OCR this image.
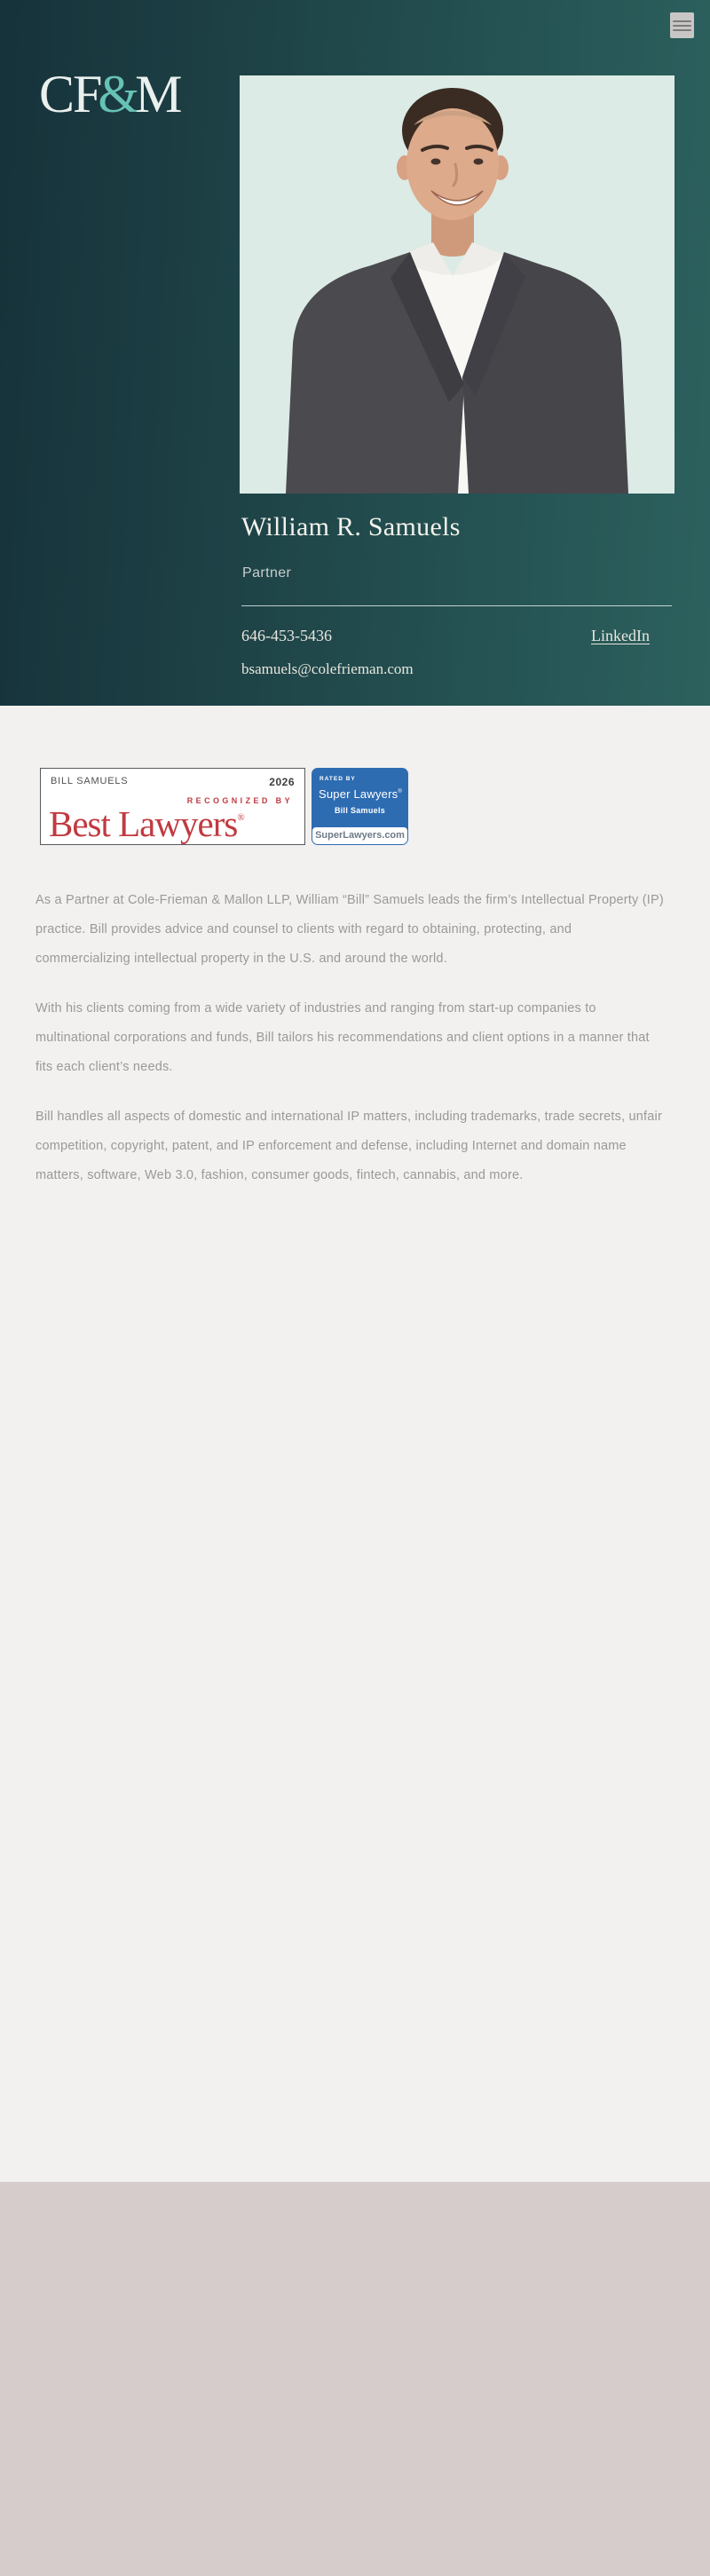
CF&M
William R. Samuels
Partner
646-453-5436	LinkedIn
bsamuels@colefrieman.com
BILL SAMUELS	2026
RECOGNIZED BY
Best Lawyers®
RATED BY
Super Lawyers®
Bill Samuels
SuperLawyers.com

As a Partner at Cole-Frieman & Mallon LLP, William “Bill” Samuels leads the firm’s Intellectual Property (IP) practice. Bill provides advice and counsel to clients with regard to obtaining, protecting, and commercializing intellectual property in the U.S. and around the world.

With his clients coming from a wide variety of industries and ranging from start-up companies to multinational corporations and funds, Bill tailors his recommendations and client options in a manner that fits each client’s needs.

Bill handles all aspects of domestic and international IP matters, including trademarks, trade secrets, unfair competition, copyright, patent, and IP enforcement and defense, including Internet and domain name matters, software, Web 3.0, fashion, consumer goods, fintech, cannabis, and more.
